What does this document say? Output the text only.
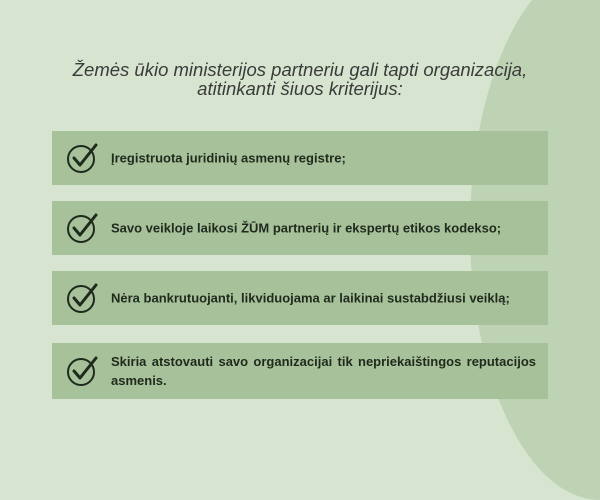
Žemės ūkio ministerijos partneriu gali tapti organizacija,
atitinkanti šiuos kriterijus:
Įregistruota juridinių asmenų registre;
Savo veikloje laikosi ŽŪM partnerių ir ekspertų etikos kodekso;
Nėra bankrutuojanti, likviduojama ar laikinai sustabdžiusi veiklą;
Skiria atstovauti savo organizacijai tik nepriekaištingos reputacijos asmenis.
